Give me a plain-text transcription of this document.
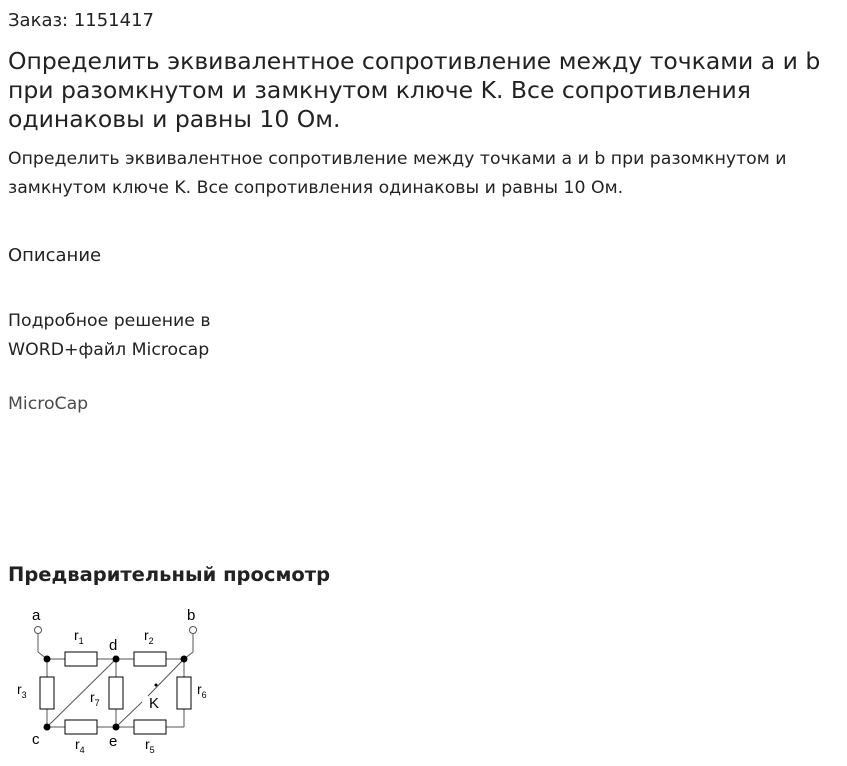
Заказ: 1151417
Определить эквивалентное сопротивление между точками a и b при разомкнутом и замкнутом ключе K. Все сопротивления одинаковы и равны 10 Ом.
Определить эквивалентное сопротивление между точками a и b при разомкнутом и замкнутом ключе K. Все сопротивления одинаковы и равны 10 Ом.
Описание
Подробное решение в WORD+файл Microcap
MicroCap
Предварительный просмотр
a	b
d
c	e
K
$r_1$	$r_2$
$r_3$
$r_4$	$r_5$
$r_6$
$r_7$
